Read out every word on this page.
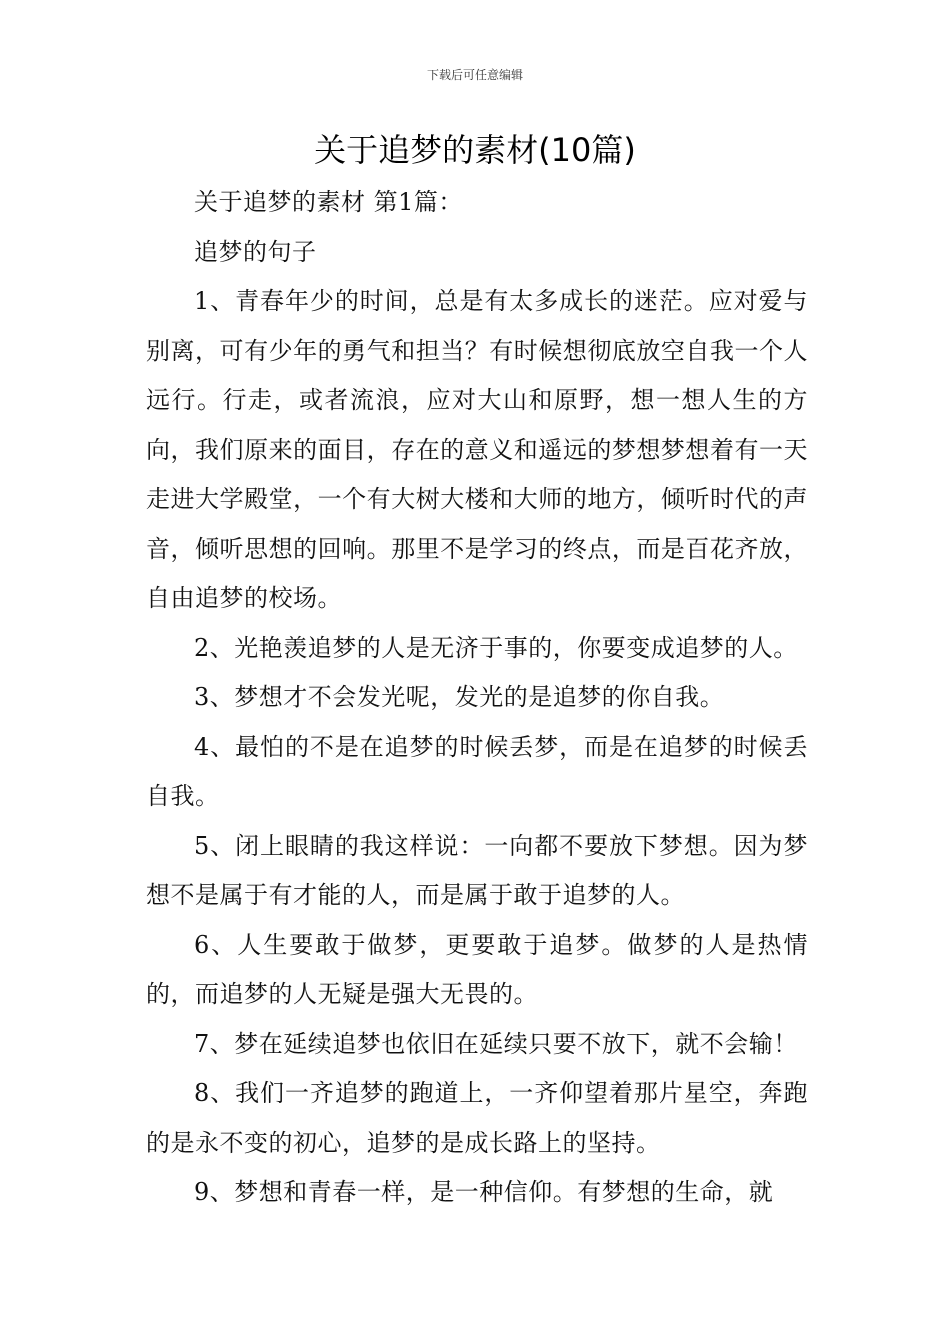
下载后可任意编辑
关于追梦的素材(10篇)

关于追梦的素材 第1篇：

追梦的句子

1、青春年少的时间，总是有太多成长的迷茫。应对爱与别离，可有少年的勇气和担当？有时候想彻底放空自我一个人远行。行走，或者流浪，应对大山和原野，想一想人生的方向，我们原来的面目，存在的意义和遥远的梦想梦想着有一天走进大学殿堂，一个有大树大楼和大师的地方，倾听时代的声音，倾听思想的回响。那里不是学习的终点，而是百花齐放，自由追梦的校场。

2、光艳羡追梦的人是无济于事的，你要变成追梦的人。

3、梦想才不会发光呢，发光的是追梦的你自我。

4、最怕的不是在追梦的时候丢梦，而是在追梦的时候丢自我。

5、闭上眼睛的我这样说：一向都不要放下梦想。因为梦想不是属于有才能的人，而是属于敢于追梦的人。

6、人生要敢于做梦，更要敢于追梦。做梦的人是热情的，而追梦的人无疑是强大无畏的。

7、梦在延续追梦也依旧在延续只要不放下，就不会输！

8、我们一齐追梦的跑道上，一齐仰望着那片星空，奔跑的是永不变的初心，追梦的是成长路上的坚持。

9、梦想和青春一样，是一种信仰。有梦想的生命，就
